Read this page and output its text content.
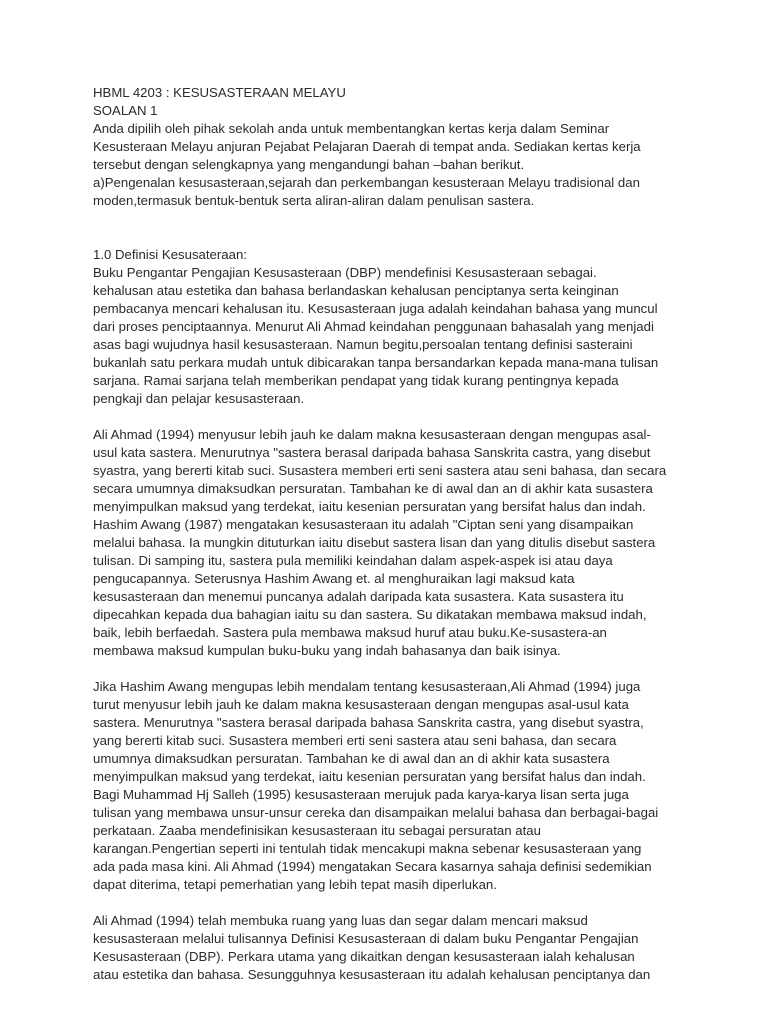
HBML 4203 : KESUSASTERAAN MELAYU
SOALAN 1
Anda dipilih oleh pihak sekolah anda untuk membentangkan kertas kerja dalam Seminar
Kesusteraan Melayu anjuran Pejabat Pelajaran Daerah di tempat anda. Sediakan kertas kerja
tersebut dengan selengkapnya yang mengandungi bahan –bahan berikut.
a)Pengenalan kesusasteraan,sejarah dan perkembangan kesusteraan Melayu tradisional dan
moden,termasuk bentuk-bentuk serta aliran-aliran dalam penulisan sastera.
1.0 Definisi Kesusateraan:
Buku Pengantar Pengajian Kesusasteraan (DBP) mendefinisi Kesusasteraan sebagai.
kehalusan atau estetika dan bahasa berlandaskan kehalusan penciptanya serta keinginan
pembacanya mencari kehalusan itu. Kesusasteraan juga adalah keindahan bahasa yang muncul
dari proses penciptaannya. Menurut Ali Ahmad keindahan penggunaan bahasalah yang menjadi
asas bagi wujudnya hasil kesusasteraan. Namun begitu,persoalan tentang definisi sasteraini
bukanlah satu perkara mudah untuk dibicarakan tanpa bersandarkan kepada mana-mana tulisan
sarjana. Ramai sarjana telah memberikan pendapat yang tidak kurang pentingnya kepada
pengkaji dan pelajar kesusasteraan.
Ali Ahmad (1994) menyusur lebih jauh ke dalam makna kesusasteraan dengan mengupas asal-
usul kata sastera. Menurutnya "sastera berasal daripada bahasa Sanskrita castra, yang disebut
syastra, yang bererti kitab suci. Susastera memberi erti seni sastera atau seni bahasa, dan secara
secara umumnya dimaksudkan persuratan. Tambahan ke di awal dan an di akhir kata susastera
menyimpulkan maksud yang terdekat, iaitu kesenian persuratan yang bersifat halus dan indah.
Hashim Awang (1987) mengatakan kesusasteraan itu adalah "Ciptan seni yang disampaikan
melalui bahasa. Ia mungkin dituturkan iaitu disebut sastera lisan dan yang ditulis disebut sastera
tulisan. Di samping itu, sastera pula memiliki keindahan dalam aspek-aspek isi atau daya
pengucapannya. Seterusnya Hashim Awang et. al menghuraikan lagi maksud kata
kesusasteraan dan menemui puncanya adalah daripada kata susastera. Kata susastera itu
dipecahkan kepada dua bahagian iaitu su dan sastera. Su dikatakan membawa maksud indah,
baik, lebih berfaedah. Sastera pula membawa maksud huruf atau buku.Ke-susastera-an
membawa maksud kumpulan buku-buku yang indah bahasanya dan baik isinya.
Jika Hashim Awang mengupas lebih mendalam tentang kesusasteraan,Ali Ahmad (1994) juga
turut menyusur lebih jauh ke dalam makna kesusasteraan dengan mengupas asal-usul kata
sastera. Menurutnya "sastera berasal daripada bahasa Sanskrita castra, yang disebut syastra,
yang bererti kitab suci. Susastera memberi erti seni sastera atau seni bahasa, dan secara
umumnya dimaksudkan persuratan. Tambahan ke di awal dan an di akhir kata susastera
menyimpulkan maksud yang terdekat, iaitu kesenian persuratan yang bersifat halus dan indah.
Bagi Muhammad Hj Salleh (1995) kesusasteraan merujuk pada karya-karya lisan serta juga
tulisan yang membawa unsur-unsur cereka dan disampaikan melalui bahasa dan berbagai-bagai
perkataan. Zaaba mendefinisikan kesusasteraan itu sebagai persuratan atau
karangan.Pengertian seperti ini tentulah tidak mencakupi makna sebenar kesusasteraan yang
ada pada masa kini. Ali Ahmad (1994) mengatakan Secara kasarnya sahaja definisi sedemikian
dapat diterima, tetapi pemerhatian yang lebih tepat masih diperlukan.
Ali Ahmad (1994) telah membuka ruang yang luas dan segar dalam mencari maksud
kesusasteraan melalui tulisannya Definisi Kesusasteraan di dalam buku Pengantar Pengajian
Kesusasteraan (DBP). Perkara utama yang dikaitkan dengan kesusasteraan ialah kehalusan
atau estetika dan bahasa. Sesungguhnya kesusasteraan itu adalah kehalusan penciptanya dan
